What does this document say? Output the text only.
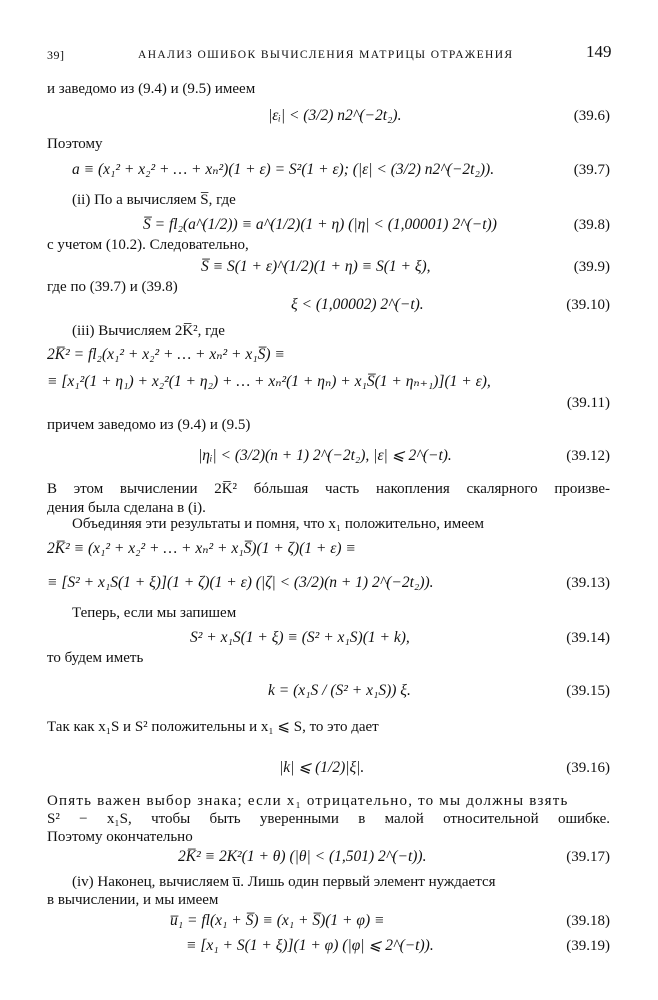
39]	АНАЛИЗ ОШИБОК ВЫЧИСЛЕНИЯ МАТРИЦЫ ОТРАЖЕНИЯ	149
и заведомо из (9.4) и (9.5) имеем
|εᵢ| < (3/2) n2^(−2t₂).	(39.6)
Поэтому
a ≡ (x₁² + x₂² + … + xₙ²)(1 + ε) = S²(1 + ε); (|ε| < (3/2) n2^(−2t₂)).	(39.7)
(ii) По a вычисляем S̅, где
S̅ = fl₂(a^(1/2)) ≡ a^(1/2)(1 + η) (|η| < (1,00001) 2^(−t))	(39.8)
с учетом (10.2). Следовательно,
S̅ ≡ S(1 + ε)^(1/2)(1 + η) ≡ S(1 + ξ),	(39.9)
где по (39.7) и (39.8)
ξ < (1,00002) 2^(−t).	(39.10)
(iii) Вычисляем 2K̅², где
2K̅² = fl₂(x₁² + x₂² + … + xₙ² + x₁S̅) ≡
≡ [x₁²(1 + η₁) + x₂²(1 + η₂) + … + xₙ²(1 + ηₙ) + x₁S̅(1 + ηₙ₊₁)](1 + ε),
(39.11)
причем заведомо из (9.4) и (9.5)
|ηᵢ| < (3/2)(n + 1) 2^(−2t₂), |ε| ⩽ 2^(−t).	(39.12)
В этом вычислении 2K̅² бóльшая часть накопления скалярного произве-
дения была сделана в (i).
Объединяя эти результаты и помня, что x₁ положительно, имеем
2K̅² ≡ (x₁² + x₂² + … + xₙ² + x₁S̅)(1 + ζ)(1 + ε) ≡
≡ [S² + x₁S(1 + ξ)](1 + ζ)(1 + ε) (|ζ| < (3/2)(n + 1) 2^(−2t₂)).	(39.13)
Теперь, если мы запишем
S² + x₁S(1 + ξ) ≡ (S² + x₁S)(1 + k),	(39.14)
то будем иметь
k = (x₁S / (S² + x₁S)) ξ.	(39.15)
Так как x₁S и S² положительны и x₁ ⩽ S, то это дает
|k| ⩽ (1/2)|ξ|.	(39.16)
Опять важен выбор знака; если x₁ отрицательно, то мы должны взять
S² − x₁S, чтобы быть уверенными в малой относительной ошибке.
Поэтому окончательно
2K̅² ≡ 2K²(1 + θ) (|θ| < (1,501) 2^(−t)).	(39.17)
(iv) Наконец, вычисляем u̅. Лишь один первый элемент нуждается
в вычислении, и мы имеем
u̅₁ = fl(x₁ + S̅) ≡ (x₁ + S̅)(1 + φ) ≡	(39.18)
≡ [x₁ + S(1 + ξ)](1 + φ) (|φ| ⩽ 2^(−t)).	(39.19)
